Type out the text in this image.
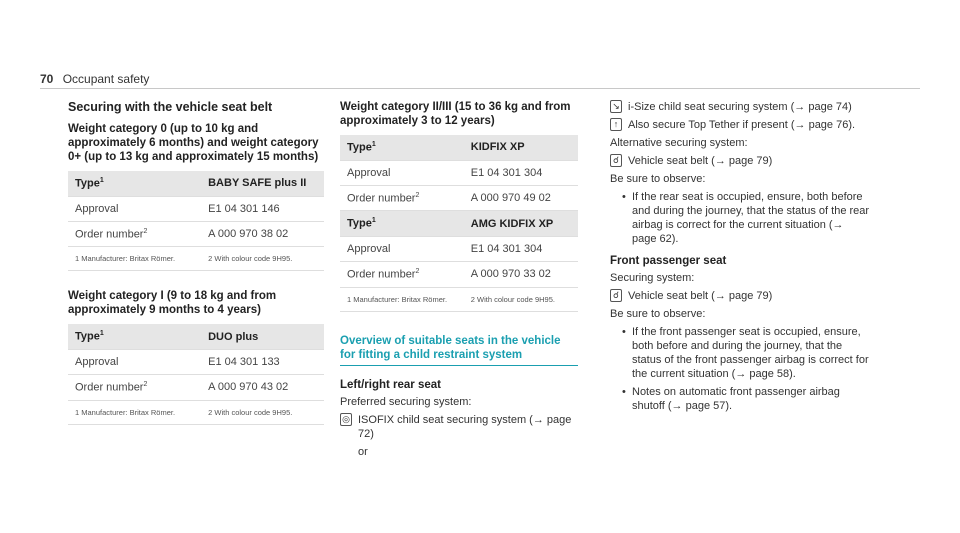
70 Occupant safety
Securing with the vehicle seat belt
Weight category 0 (up to 10 kg and approximately 6 months) and weight category 0+ (up to 13 kg and approximately 15 months)
Type$^1$	BABY SAFE plus II
Approval	E1 04 301 146
Order number$^2$	A 000 970 38 02
1 Manufacturer: Britax Römer.	2 With colour code 9H95.
Weight category I (9 to 18 kg and from approximately 9 months to 4 years)
Type$^1$	DUO plus
Approval	E1 04 301 133
Order number$^2$	A 000 970 43 02
1 Manufacturer: Britax Römer.	2 With colour code 9H95.
Weight category II/III (15 to 36 kg and from approximately 3 to 12 years)
Type$^1$	KIDFIX XP
Approval	E1 04 301 304
Order number$^2$	A 000 970 49 02
Type$^1$	AMG KIDFIX XP
Approval	E1 04 301 304
Order number$^2$	A 000 970 33 02
1 Manufacturer: Britax Römer.	2 With colour code 9H95.
Overview of suitable seats in the vehicle for fitting a child restraint system
Left/right rear seat

Preferred securing system:

◎ ISOFIX child seat securing system (→ page 72)

or

↘ i-Size child seat securing system (→ page 74)

↑ Also secure Top Tether if present (→ page 76).

Alternative securing system:

☌ Vehicle seat belt (→ page 79)

Be sure to observe:

• If the rear seat is occupied, ensure, both before and during the journey, that the status of the rear airbag is correct for the current situation (→ page 62).

Front passenger seat

Securing system:

☌ Vehicle seat belt (→ page 79)

Be sure to observe:

• If the front passenger seat is occupied, ensure, both before and during the journey, that the status of the front passenger airbag is correct for the current situation (→ page 58).

• Notes on automatic front passenger airbag shutoff (→ page 57).
